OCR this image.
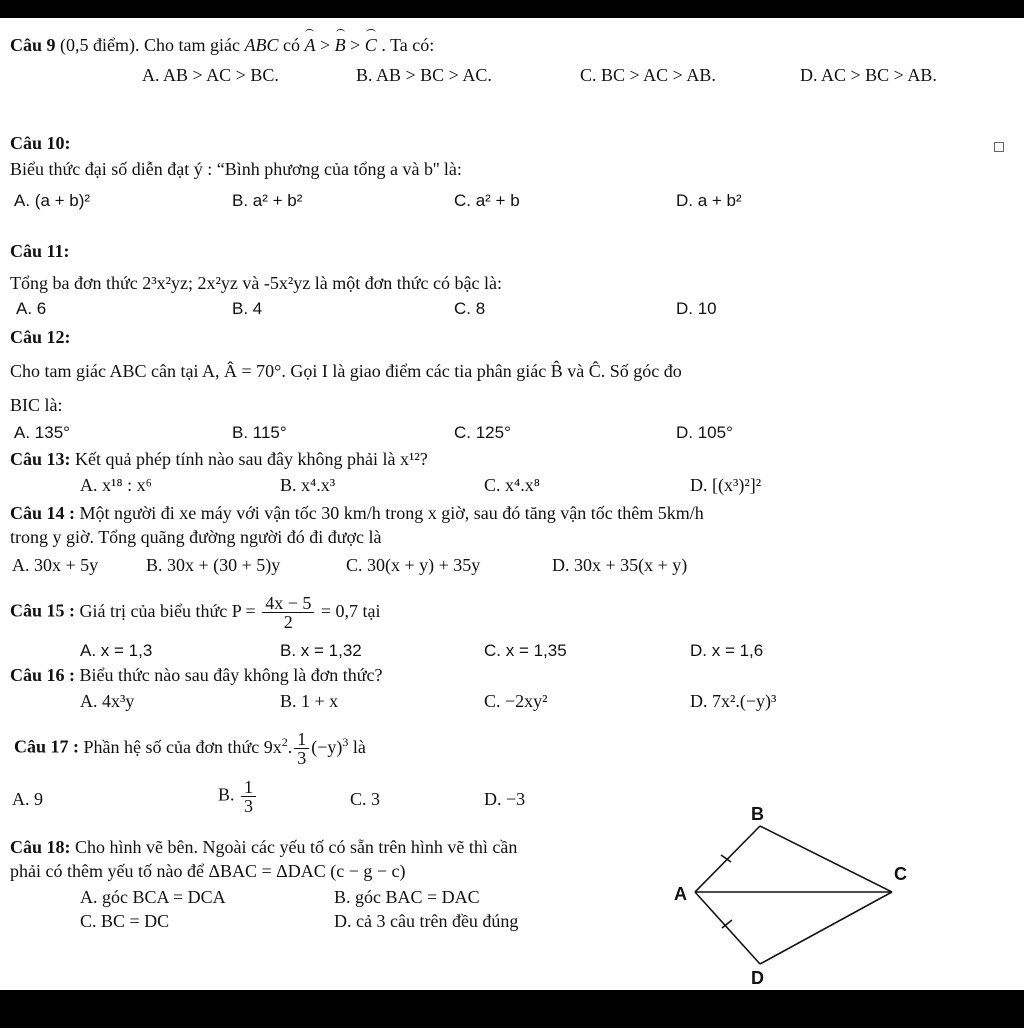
Câu 9 (0,5 điểm). Cho tam giác ABC có A > B > C . Ta có:
A. AB > AC > BC.	B. AB > BC > AC.	C. BC > AC > AB.	D. AC > BC > AB.
Câu 10:
Biểu thức đại số diễn đạt ý : “Bình phương của tổng a và b'' là:
A. (a + b)²	B. a² + b²	C. a² + b	D. a + b²
Câu 11:
Tổng ba đơn thức 2³x²yz; 2x²yz và -5x²yz là một đơn thức có bậc là:
A. 6	B. 4	C. 8	D. 10
Câu 12:
Cho tam giác ABC cân tại A, Â = 70°. Gọi I là giao điểm các tia phân giác B̂ và Ĉ. Số góc đo
BIC là:
A. 135°	B. 115°	C. 125°	D. 105°
Câu 13: Kết quả phép tính nào sau đây không phải là x¹²?
A. x¹⁸ : x⁶	B. x⁴.x³	C. x⁴.x⁸	D. [(x³)²]²
Câu 14 : Một người đi xe máy với vận tốc 30 km/h trong x giờ, sau đó tăng vận tốc thêm 5km/h
trong y giờ. Tổng quãng đường người đó đi được là
A. 30x + 5y	B. 30x + (30 + 5)y	C. 30(x + y) + 35y	D. 30x + 35(x + y)
Câu 15 : Giá trị của biểu thức $P = \frac{4x - 5}{2} = 0,7$ tại
A. x = 1,3	B. x = 1,32	C. x = 1,35	D. x = 1,6
Câu 16 : Biểu thức nào sau đây không là đơn thức?
A. 4x³y	B. 1 + x	C. −2xy²	D. 7x².(−y)³
Câu 17 : Phần hệ số của đơn thức $9x^2$. $\frac{1}{3} (-y)^3$ là
A. 9	B. $\frac{1}{3}$	C. 3	D. −3
Câu 18: Cho hình vẽ bên. Ngoài các yếu tố có sẵn trên hình vẽ thì cần
phải có thêm yếu tố nào để ΔBAC = ΔDAC (c − g − c)
A. góc BCA = DCA	B. góc BAC = DAC
C. BC = DC	D. cả 3 câu trên đều đúng
B
C
A
D
